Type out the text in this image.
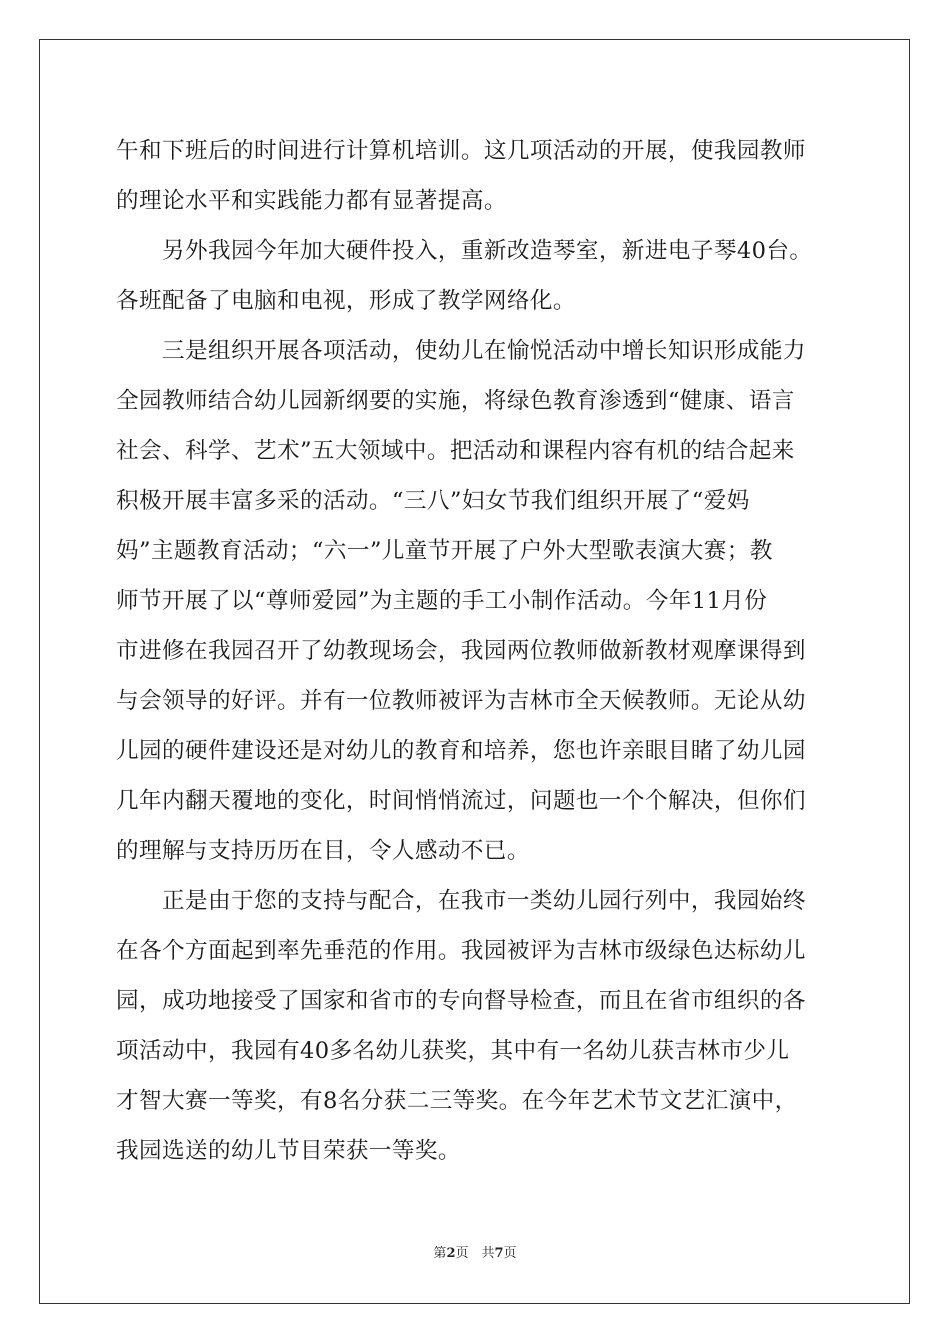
午和下班后的时间进行计算机培训。这几项活动的开展，使我园教师
的理论水平和实践能力都有显著提高。
　　另外我园今年加大硬件投入，重新改造琴室，新进电子琴40台。
各班配备了电脑和电视，形成了教学网络化。
　　三是组织开展各项活动，使幼儿在愉悦活动中增长知识形成能力
全园教师结合幼儿园新纲要的实施，将绿色教育渗透到“健康、语言
社会、科学、艺术”五大领域中。把活动和课程内容有机的结合起来
积极开展丰富多采的活动。“三八”妇女节我们组织开展了“爱妈
妈”主题教育活动；“六一”儿童节开展了户外大型歌表演大赛；教
师节开展了以“尊师爱园”为主题的手工小制作活动。今年11月份
市进修在我园召开了幼教现场会，我园两位教师做新教材观摩课得到
与会领导的好评。并有一位教师被评为吉林市全天候教师。无论从幼
儿园的硬件建设还是对幼儿的教育和培养，您也许亲眼目睹了幼儿园
几年内翻天覆地的变化，时间悄悄流过，问题也一个个解决，但你们
的理解与支持历历在目，令人感动不已。
　　正是由于您的支持与配合，在我市一类幼儿园行列中，我园始终
在各个方面起到率先垂范的作用。我园被评为吉林市级绿色达标幼儿
园，成功地接受了国家和省市的专向督导检查，而且在省市组织的各
项活动中，我园有40多名幼儿获奖，其中有一名幼儿获吉林市少儿
才智大赛一等奖，有8名分获二三等奖。在今年艺术节文艺汇演中，
我园选送的幼儿节目荣获一等奖。
第2页　共7页
